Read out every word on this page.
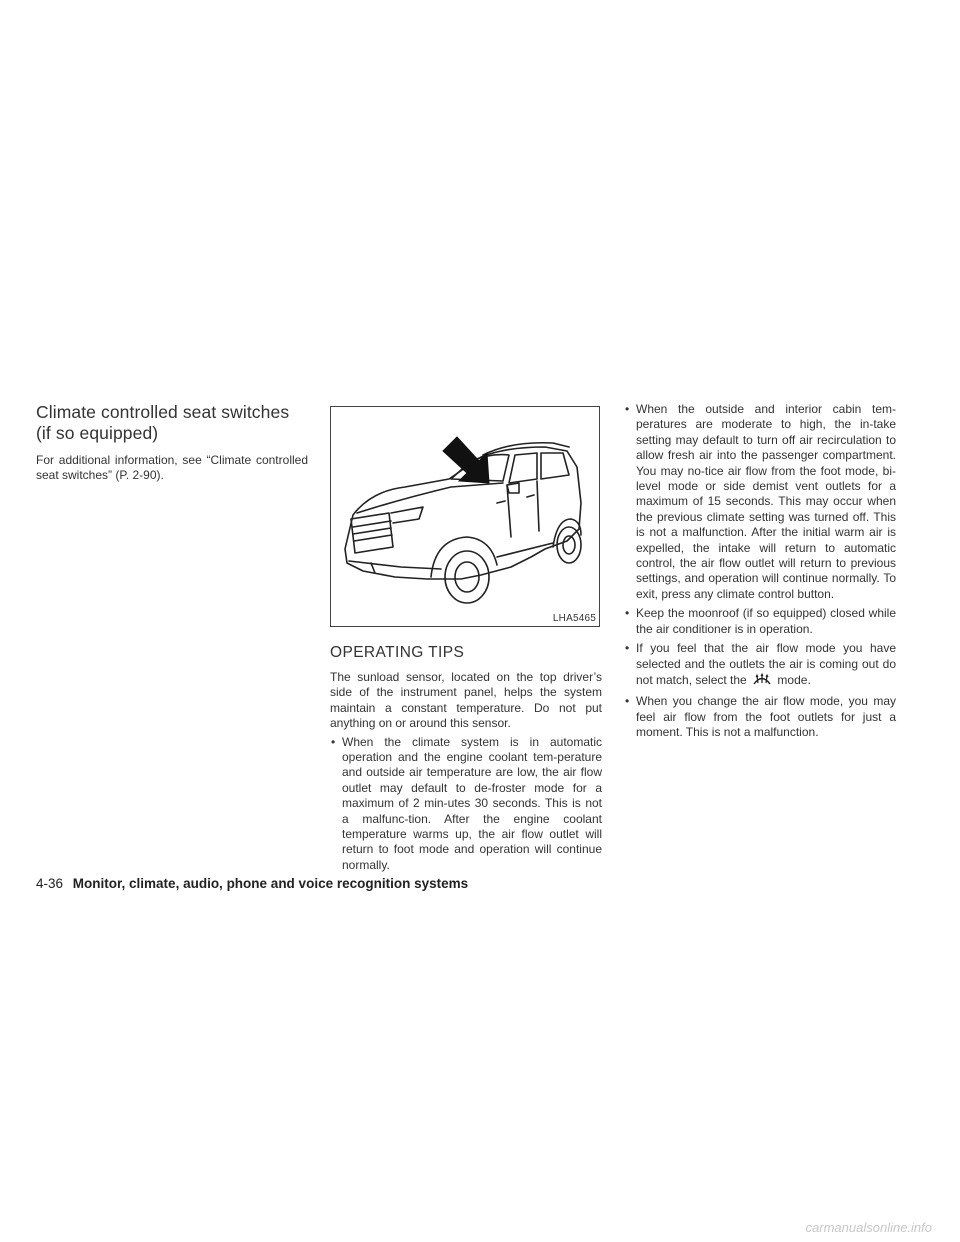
Climate controlled seat switches
(if so equipped)

For additional information, see “Climate controlled seat switches” (P. 2-90).

LHA5465
OPERATING TIPS

The sunload sensor, located on the top driver’s side of the instrument panel, helps the system maintain a constant temperature. Do not put anything on or around this sensor.

• When the climate system is in automatic operation and the engine coolant tem-perature and outside air temperature are low, the air flow outlet may default to de-froster mode for a maximum of 2 min-utes 30 seconds. This is not a malfunc-tion. After the engine coolant temperature warms up, the air flow outlet will return to foot mode and operation will continue normally.
• When the outside and interior cabin tem-peratures are moderate to high, the in-take setting may default to turn off air recirculation to allow fresh air into the passenger compartment. You may no-tice air flow from the foot mode, bi-level mode or side demist vent outlets for a maximum of 15 seconds. This may occur when the previous climate setting was turned off. This is not a malfunction. After the initial warm air is expelled, the intake will return to automatic control, the air flow outlet will return to previous settings, and operation will continue normally. To exit, press any climate control button.
• Keep the moonroof (if so equipped) closed while the air conditioner is in operation.
• If you feel that the air flow mode you have selected and the outlets the air is coming out do not match, select the	mode.
• When you change the air flow mode, you may feel air flow from the foot outlets for just a moment. This is not a malfunction.
4-36 Monitor, climate, audio, phone and voice recognition systems
carmanualsonline.info
